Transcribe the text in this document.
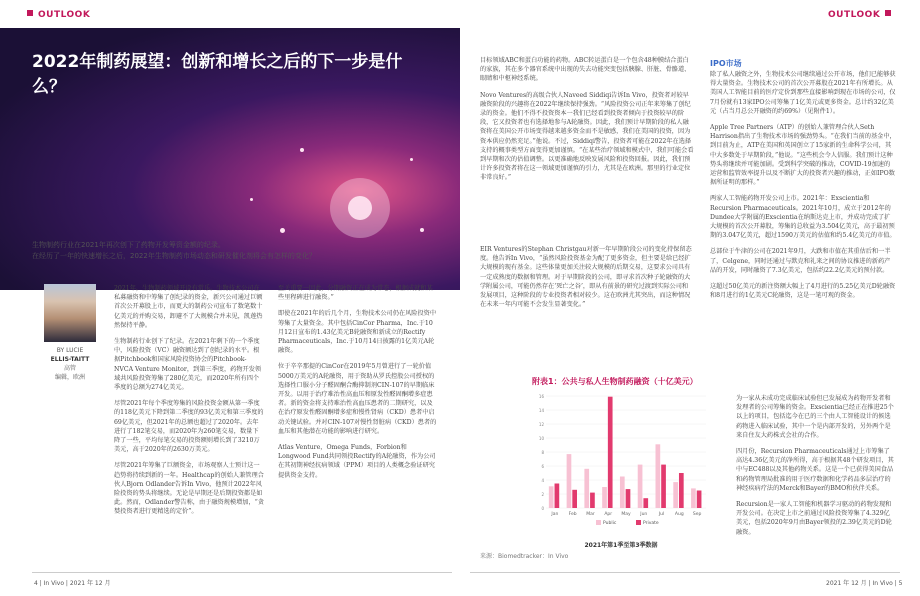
OUTLOOK	OUTLOOK
2022年制药展望：创新和增长之后的下一步是什么？
生物制药行业在2021年再次创下了药物开发筹资金额的纪录。
在经历了一年的快速增长之后，2022年生物制药市场动态和研发催化剂将会有怎样的变化？
BY LUCIE
ELLIS-TAITT
高管
编辑，欧洲

2021年，生物制药领域开设有常乐。生物技术公司在私募融资和中筹集了创纪录的资金，新兴公司通过巨额首次公开募股上市，而更大的制药公司宣布了数笔数十亿美元的并购交易，卸避不了大规模合并未见，凯莲热然保持平静。

生物制药行业创下了纪录。在2021年剩下的一个季度中，风险投资（VC）融资额达到了创纪录的水平。根据Pitchbook和国家风险投资协会的Pitchbook-NVCA Venture Monitor，到第三季度，药物开发领域共风险投资筹集了280亿美元，而2020年所有四个季度的总额为274亿美元。

尽管2021年每个季度筹集的风险投资金额从第一季度的118亿美元下降到第二季度的93亿美元和第三季度的69亿美元，但2021年的总额也超过了2020年。去年进行了182笔交易，而2020年为260笔交易，数量下降了一些，平均每笔交易的投资额则增长到了3210万美元，高于2020年的2630万美元。

尽管2021年筹集了巨额资金，市场观察人士预计这一趋势将持续到新的一年。Healthcap的创始人兼管理合伙人Bjorn Odlander告诉In Vivo，他预计2022年风险投资的势头将继续。无论是早期还是后期投资都是如此。然而，Odlander警告称，由于融资规模增加，“贪婪投资者进行更精选的定价”。

至关重要一因此，分期融资正在成为常态，根据成就和某些里程碑进行融资。”

即使在2021年的后几个月，生物技术公司仍在风险投资中筹集了大量资金。其中包括CinCor Pharma，Inc.于10月12日宣布的1.43亿美元B轮融资和新成立的Rectify Pharmaceuticals，Inc.于10月14日披露的1亿美元A轮融资。

位于辛辛那提的CinCor在2019年5月曾进行了一轮价值5000万美元的A轮融资，用于资助从罗氏控股公司授权的选择性口服小分子醛固酮合酶抑制剂CIN-107的早期临床开发。以用于治疗难治性高血压和原发性醛固酮增多症患者。新的资金将支持难治性高血压患者的二期研究，以及在治疗原发性醛固酮增多症和慢性肾病（CKD）患者中启动关键试验。并对CIN-107对慢性肾脏病（CKD）患者的血压和其他潜在功能的影响进行研究。

Atlas Venture，Omega Funds，Forbion和Longwood Fund共同领投Rectify的A轮融资，作为公司在其初期神经抗病领域（PPM）项目的人类概念验证研究提供资金支持。

目标领域ABC和蛋白功能的药物。ABC转运蛋白是一个包含48种膜结合蛋白的家族，其在多个器官系统中出现的失去功能突变包括胰腺、肝脏、骨骼道、眼睛和中枢神经系统。

Novo Ventures的高级合伙人Naveed Siddiqi告诉In Vivo，投资者对较早融资阶段的兴趣将在2022年继续保持强劲。“风险投资公司正年来筹集了创纪录的资金。他们不得不投资资本一我们已经看到投资者倾向于投资较早的阶段，它又投资者也有选择地参与A轮融资。因此，我们预计早期阶段的私人融资将在美国公开市场变得越来越多资金而不是敏感，我们在美国的投资，因为资本供应仍然充足。”他说。不过，Siddiqi警告，投资者可能在2022年在选择支持的概事类型方面变得更加谨慎。“在某些治疗领域和模式中，我们可能会看到早期和次的估值调整。以更准确地反映发展风险和投资回报。因此，我们预计许多投资者将在这一领域更加谨慎的引力，尤其是在欧洲。那里的行业定位非常良好。”

EIR Ventures的Stephan Christgau对新一年早期阶段公司的变化持保留态度。他告诉In Vivo，“虽然风险投资基金为配了更多资金，但主要是给已经扩大规模的现有基金。这些体量更加关注较大规模的后期交易，这要求公司具有一定成熟度的数据和管理。对于早期阶段的公司，即寻求首次种子轮融资的大学附属公司，可能仍然存在‘死亡之谷’，即从有前景的研究过渡到实际公司和发展项目，这种阶段的专业投资者相对较少。这在欧洲尤其突出，而这种情况在未来一年内可能不会发生显著变化。”

IPO市场

除了私人融资之外，生物技术公司继续通过公开市场，他们已能够获得大量资金。生物技术公司的首次公开募股在2021年有所增长。从美国人工智能目前的医疗定价到那些直接影响到现在市场的公司，仅7月份就有13家IPO公司筹集了1亿美元或更多资金。总计约32亿美元（占当月总公开融资的约69%）（见附件1）。

Apple Tree Partners（ATP）的创始人兼管理合伙人Seth Harrison指出了生物技术市场的强劲势头。“在我们当前的基金中，到目前为止，ATP在美国和英国创立了15家新的生命科学公司，其中大多数处于早期阶段，”他说。“这些机会令人信服。我们预计这种势头将继续并可能加剧。受到科学突破的推动，COVID-19加速的运营和监管效率提升以及不断扩大的投资者兴趣的推动，正如IPO数据所证明的那样。”

两家人工智能药物开发公司上市。2021年：Exscientia和Recursion Pharmaceuticals。2021年10月，成立于2012年的Dundee大学附属的Exscientia在纳斯达克上市，并成功完成了扩大规模的首次公开募股，筹集的总收益为3.504亿美元，高于最初预期的3.047亿美元，超过1590万美元的估值和约5.4亿美元的市值。

总部位于牛津的公司在2021年9月，大跌和市值在其重估后和一半了，Celgene，同时还通过与默克和礼来之间的协议推进的新药产品的开发，同时融资了7.3亿美元，包括约22.2亿美元的预付款。

这超过50亿美元的新注资额大幅上了4月进行的5.25亿美元D轮融资和8月进行的1亿美元C轮融资，这是一笔可观的资金。

为一家从未成功完成临床试验但已发展成为药物开发者和发理者的公司筹集的资金。Exscientia已经正在推进25个以上的项目，包括迄今在已的三个由人工智能设计的候选药物进入临床试验，其中一个是内部开发的，另外两个是来自住友大药株式会社的合作。

四月份，Recursion Pharmaceuticals通过上市筹集了高达4.36亿美元的净所得，高于根据其48个研发项目，其中与EC488以及其他药物关系。这是一个已获得美国食品和药物管理局批准的用于医疗数据和化学药品多层治疗的神经疾病疗法的Merck和Bayer的BMO和伙伴关系。

Recursion是一家人工智能和机器学习驱动的药物发现和开发公司。在决定上市之前通过风险投资筹集了4.329亿美元，包括2020年9月由Bayer领投的2.39亿美元的D轮融资。

附表1：公共与私人生物制药融资（十亿美元）
0
2
4
6
8
10
12
14
16
Jan Feb Mar Apr May Jun	Jul Aug Sep
Public	Private
2021年第1季至第3季数据
来源：Biomedtracker：In Vivo
4 | In Vivo | 2021 年 12 月	2021 年 12 月 | In Vivo | 5
